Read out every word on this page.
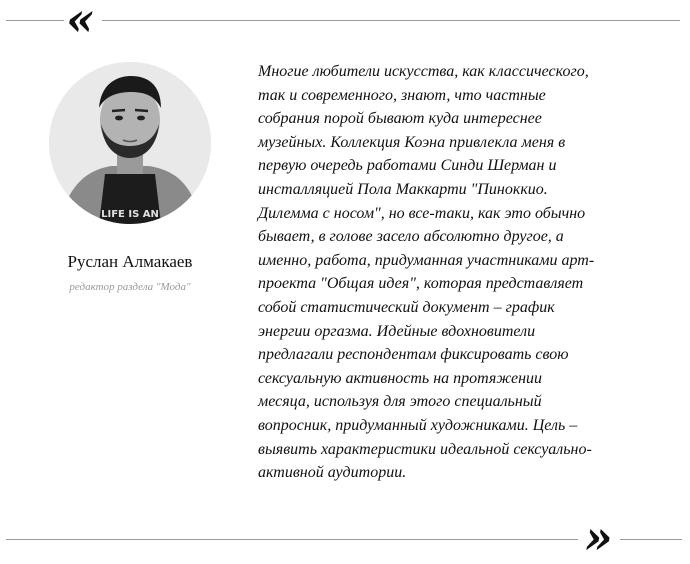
«
LIFE IS AN
Руслан Алмакаев
редактор раздела "Мода"

Многие любители искусства, как классического,
так и современного, знают, что частные
собрания порой бывают куда интереснее
музейных. Коллекция Коэна привлекла меня в
первую очередь работами Синди Шерман и
инсталляцией Пола Маккарти "Пиноккио.
Дилемма с носом", но все-таки, как это обычно
бывает, в голове засело абсолютно другое, а
именно, работа, придуманная участниками арт-
проекта "Общая идея", которая представляет
собой статистический документ – график
энергии оргазма. Идейные вдохновители
предлагали респондентам фиксировать свою
сексуальную активность на протяжении
месяца, используя для этого специальный
вопросник, придуманный художниками. Цель –
выявить характеристики идеальной сексуально-
активной аудитории.

»
